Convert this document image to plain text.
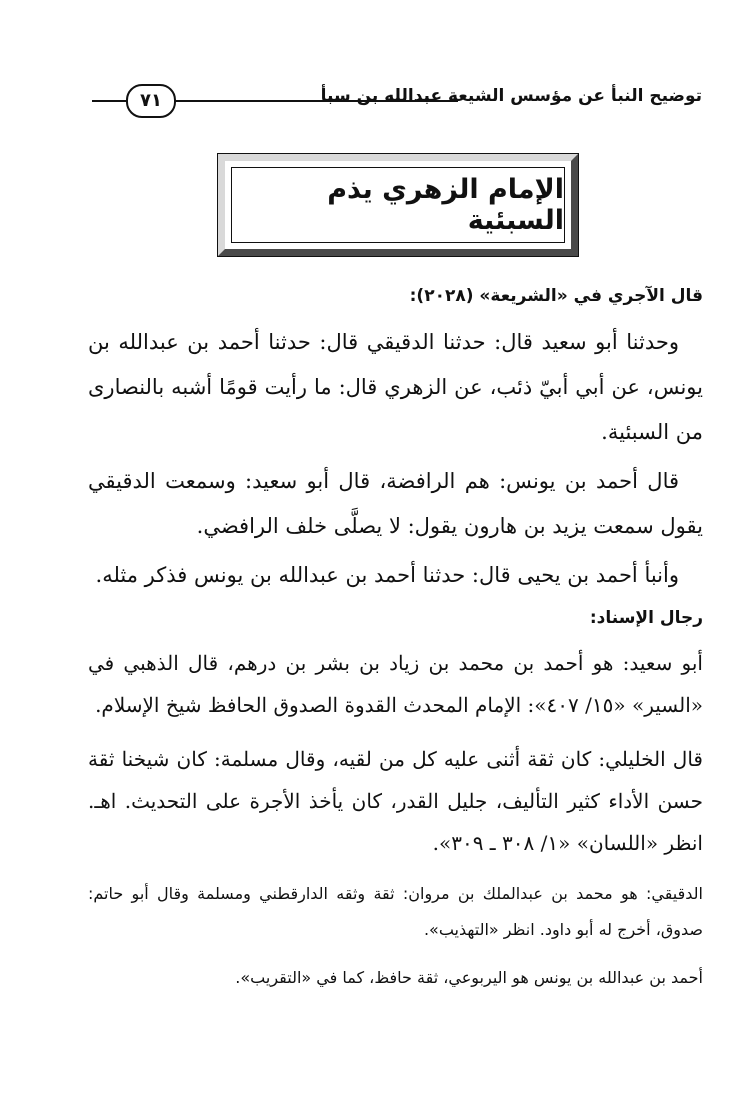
توضيح النبأ عن مؤسس الشيعة عبدالله بن سبأ
٧١
الإمام الزهري يذم السبئية

قال الآجري في «الشريعة» (٢٠٢٨):

وحدثنا أبو سعيد قال: حدثنا الدقيقي قال: حدثنا أحمد بن عبدالله بن يونس، عن أبي أبيّ ذئب، عن الزهري قال: ما رأيت قومًا أشبه بالنصارى من السبئية.

قال أحمد بن يونس: هم الرافضة، قال أبو سعيد: وسمعت الدقيقي يقول سمعت يزيد بن هارون يقول: لا يصلَّى خلف الرافضي.

وأنبأ أحمد بن يحيى قال: حدثنا أحمد بن عبدالله بن يونس فذكر مثله.

رجال الإسناد:

أبو سعيد: هو أحمد بن محمد بن زياد بن بشر بن درهم، قال الذهبي في «السير» «١٥/ ٤٠٧»: الإمام المحدث القدوة الصدوق الحافظ شيخ الإسلام.

قال الخليلي: كان ثقة أثنى عليه كل من لقيه، وقال مسلمة: كان شيخنا ثقة حسن الأداء كثير التأليف، جليل القدر، كان يأخذ الأجرة على التحديث. اهـ. انظر «اللسان» «١/ ٣٠٨ ـ ٣٠٩».

الدقيقي: هو محمد بن عبدالملك بن مروان: ثقة وثقه الدارقطني ومسلمة وقال أبو حاتم: صدوق، أخرج له أبو داود. انظر «التهذيب».

أحمد بن عبدالله بن يونس هو اليربوعي، ثقة حافظ، كما في «التقريب».
